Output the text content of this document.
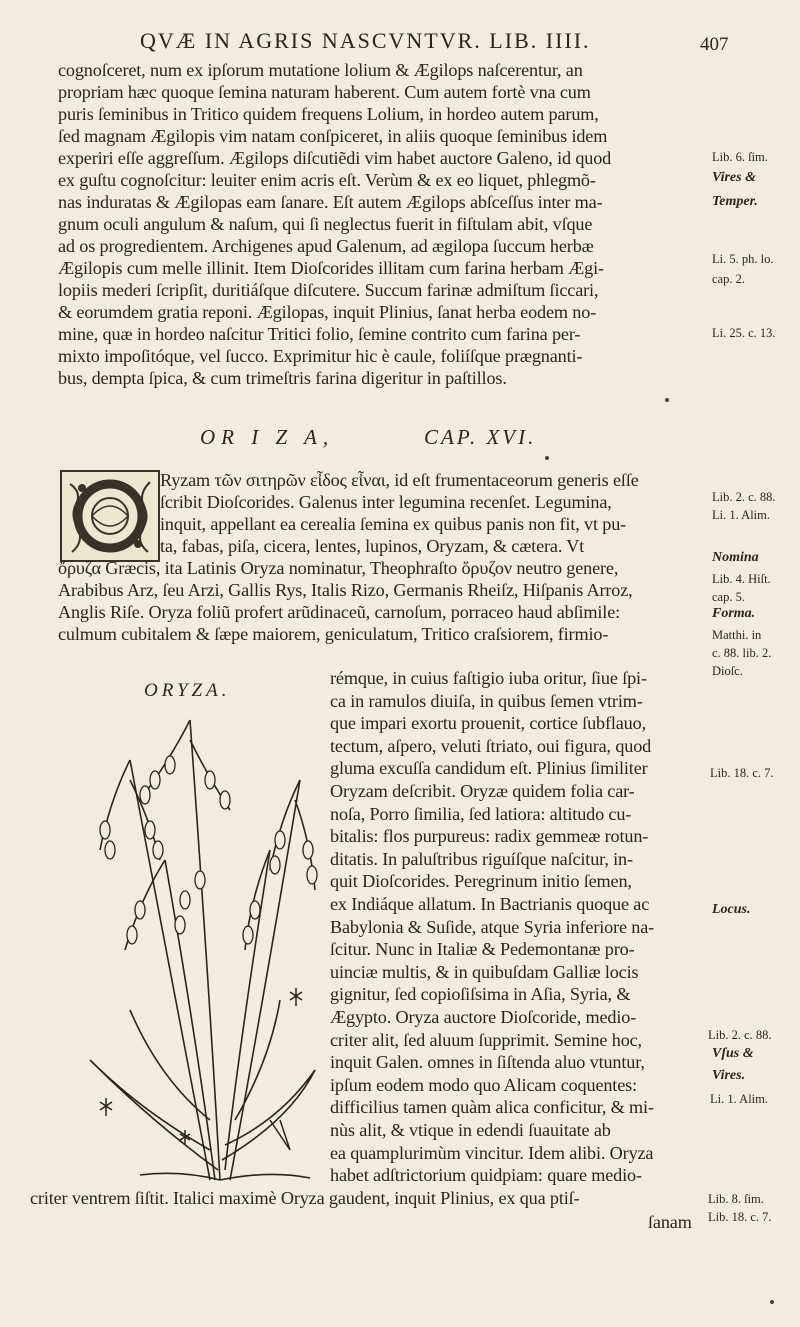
QVÆ IN AGRIS NASCVNTVR. LIB. IIII.	407
cognoſceret, num ex ipſorum mutatione lolium & Ægilops naſcerentur, an
propriam hæc quoque ſemina naturam haberent. Cum autem fortè vna cum
puris ſeminibus in Tritico quidem frequens Lolium, in hordeo autem parum,
ſed magnam Ægilopis vim natam conſpiceret, in aliis quoque ſeminibus idem
experiri eſſe aggreſſum. Ægilops diſcutiẽdi vim habet auctore Galeno, id quod
ex guſtu cognoſcitur: leuiter enim acris eſt. Verùm & ex eo liquet, phlegmõ-
nas induratas & Ægilopas eam ſanare. Eſt autem Ægilops abſceſſus inter ma-
gnum oculi angulum & naſum, qui ſi neglectus fuerit in fiſtulam abit, vſque
ad os progredientem. Archigenes apud Galenum, ad ægilopa ſuccum herbæ
Ægilopis cum melle illinit. Item Dioſcorides illitam cum farina herbam Ægi-
lopiis mederi ſcripſit, duritiáſque diſcutere. Succum farinæ admiſtum ſiccari,
& eorumdem gratia reponi. Ægilopas, inquit Plinius, ſanat herba eodem no-
mine, quæ in hordeo naſcitur Tritici folio, ſemine contrito cum farina per-
mixto impoſitóque, vel ſucco. Exprimitur hic è caule, foliíſque prægnanti-
bus, dempta ſpica, & cum trimeſtris farina digeritur in paſtillos.
OR I Z A,	CAP. XVI.
Ryzam τῶν σιτηρῶν εἶδος εἶναι, id eſt frumentaceorum generis eſſe
ſcribit Dioſcorides. Galenus inter legumina recenſet. Legumina,
inquit, appellant ea cerealia ſemina ex quibus panis non fit, vt pu-
ta, fabas, piſa, cicera, lentes, lupinos, Oryzam, & cætera. Vt
ὄρυζα Græcis, ita Latinis Oryza nominatur, Theophraſto ὄρυζον neutro genere,
Arabibus Arz, ſeu Arzi, Gallis Rys, Italis Rizo, Germanis Rheiſz, Hiſpanis Arroz,
Anglis Riſe. Oryza foliũ profert arũdinaceũ, carnoſum, porraceo haud abſimile:
culmum cubitalem & ſæpe maiorem, geniculatum, Tritico craſsiorem, firmio-
rémque, in cuius faſtigio iuba oritur, ſiue ſpi-
ca in ramulos diuiſa, in quibus ſemen vtrim-
que impari exortu prouenit, cortice ſubflauo,
tectum, aſpero, veluti ſtriato, oui figura, quod
gluma excuſſa candidum eſt. Plinius ſimiliter
Oryzam deſcribit. Oryzæ quidem folia car-
noſa, Porro ſimilia, ſed latiora: altitudo cu-
bitalis: flos purpureus: radix gemmeæ rotun-
ditatis. In paluſtribus riguíſque naſcitur, in-
quit Dioſcorides. Peregrinum initio ſemen,
ex Indiáque allatum. In Bactrianis quoque ac
Babylonia & Suſide, atque Syria inferiore na-
ſcitur. Nunc in Italiæ & Pedemontanæ pro-
uinciæ multis, & in quibuſdam Galliæ locis
gignitur, ſed copioſiſsima in Aſia, Syria, &
Ægypto. Oryza auctore Dioſcoride, medio-
criter alit, ſed aluum ſupprimit. Semine hoc,
inquit Galen. omnes in ſiſtenda aluo vtuntur,
ipſum eodem modo quo Alicam coquentes:
difficilius tamen quàm alica conficitur, & mi-
nùs alit, & vtique in edendi ſuauitate ab
ea quamplurimùm vincitur. Idem alibi. Oryza
habet adſtrictorium quidpiam: quare medio-
criter ventrem ſiſtit. Italici maximè Oryza gaudent, inquit Plinius, ex qua ptiſ-
ſanam
ORYZA.
Lib. 6. ſim.
Vires &
Temper.
Li. 5. ph. lo.
cap. 2.
Li. 25. c. 13.
Lib. 2. c. 88.
Li. 1. Alim.
Nomina
Lib. 4. Hiſt.
cap. 5.
Forma.
Matthi. in
c. 88. lib. 2.
Dioſc.
Lib. 18. c. 7.
Locus.
Lib. 2. c. 88.
Vſus &
Vires.
Li. 1. Alim.
Lib. 8. ſim.
Lib. 18. c. 7.
